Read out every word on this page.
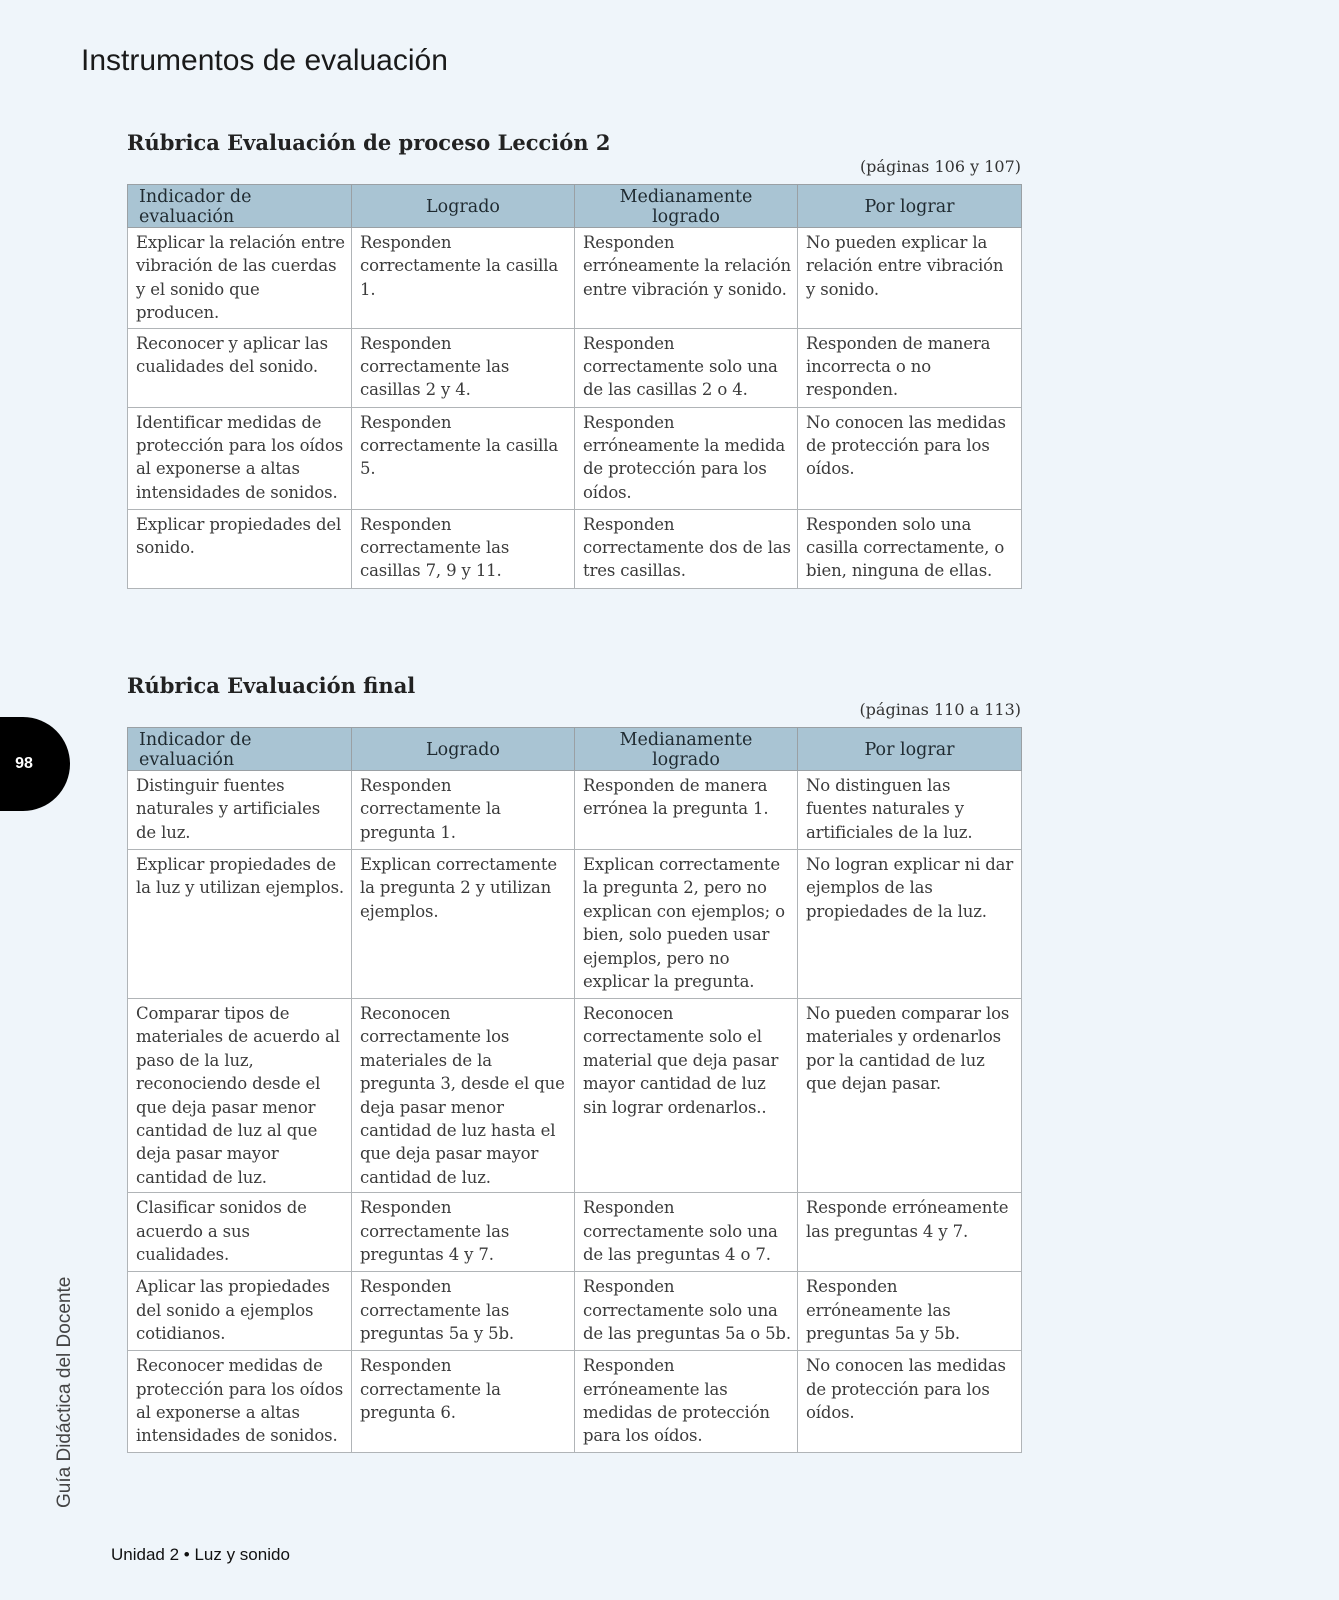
Instrumentos de evaluación
Rúbrica Evaluación de proceso Lección 2
(páginas 106 y 107)
Indicador de evaluación	Logrado	Medianamente logrado	Por lograr
Explicar la relación entre vibración de las cuerdas y el sonido que producen.	Responden correctamente la casilla 1.	Responden erróneamente la relación entre vibración y sonido.	No pueden explicar la relación entre vibración y sonido.
Reconocer y aplicar las cualidades del sonido.	Responden correctamente las casillas 2 y 4.	Responden correctamente solo una de las casillas 2 o 4.	Responden de manera incorrecta o no responden.
Identificar medidas de protección para los oídos al exponerse a altas intensidades de sonidos.	Responden correctamente la casilla 5.	Responden erróneamente la medida de protección para los oídos.	No conocen las medidas de protección para los oídos.
Explicar propiedades del sonido.	Responden correctamente las casillas 7, 9 y 11.	Responden correctamente dos de las tres casillas.	Responden solo una casilla correctamente, o bien, ninguna de ellas.
Rúbrica Evaluación final
(páginas 110 a 113)
Indicador de evaluación	Logrado	Medianamente logrado	Por lograr
Distinguir fuentes naturales y artificiales de luz.	Responden correctamente la pregunta 1.	Responden de manera errónea la pregunta 1.	No distinguen las fuentes naturales y artificiales de la luz.
Explicar propiedades de la luz y utilizan ejemplos.	Explican correctamente la pregunta 2 y utilizan ejemplos.	Explican correctamente la pregunta 2, pero no explican con ejemplos; o bien, solo pueden usar ejemplos, pero no explicar la pregunta.	No logran explicar ni dar ejemplos de las propiedades de la luz.
Comparar tipos de materiales de acuerdo al paso de la luz, reconociendo desde el que deja pasar menor cantidad de luz al que deja pasar mayor cantidad de luz.	Reconocen correctamente los materiales de la pregunta 3, desde el que deja pasar menor cantidad de luz hasta el que deja pasar mayor cantidad de luz.	Reconocen correctamente solo el material que deja pasar mayor cantidad de luz sin lograr ordenarlos..	No pueden comparar los materiales y ordenarlos por la cantidad de luz que dejan pasar.
Clasificar sonidos de acuerdo a sus cualidades.	Responden correctamente las preguntas 4 y 7.	Responden correctamente solo una de las preguntas 4 o 7.	Responde erróneamente las preguntas 4 y 7.
Aplicar las propiedades del sonido a ejemplos cotidianos.	Responden correctamente las preguntas 5a y 5b.	Responden correctamente solo una de las preguntas 5a o 5b.	Responden erróneamente las preguntas 5a y 5b.
Reconocer medidas de protección para los oídos al exponerse a altas intensidades de sonidos.	Responden correctamente la pregunta 6.	Responden erróneamente las medidas de protección para los oídos.	No conocen las medidas de protección para los oídos.
98
Guía Didáctica del Docente
Unidad 2 • Luz y sonido
